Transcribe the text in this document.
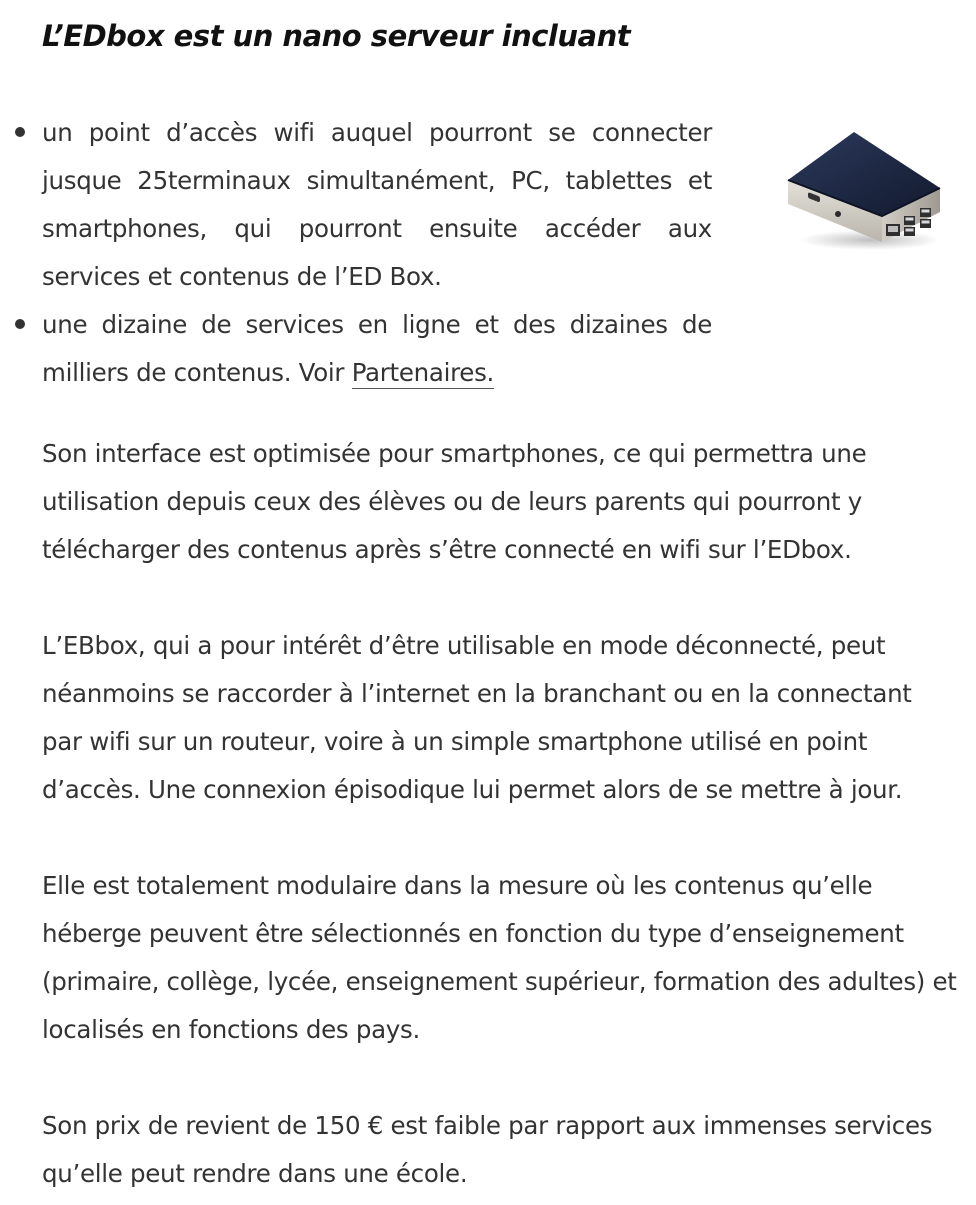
L’EDbox est un nano serveur incluant
un point d’accès wifi auquel pourront se connecter jusque 25terminaux simultanément, PC, tablettes et smartphones, qui pourront ensuite accéder aux services et contenus de l’ED Box.
une dizaine de services en ligne et des dizaines de milliers de contenus. Voir Partenaires.

Son interface est optimisée pour smartphones, ce qui permettra une utilisation depuis ceux des élèves ou de leurs parents qui pourront y télécharger des contenus après s’être connecté en wifi sur l’EDbox.

L’EBbox, qui a pour intérêt d’être utilisable en mode déconnecté, peut néanmoins se raccorder à l’internet en la branchant ou en la connectant par wifi sur un routeur, voire à un simple smartphone utilisé en point d’accès. Une connexion épisodique lui permet alors de se mettre à jour.

Elle est totalement modulaire dans la mesure où les contenus qu’elle héberge peuvent être sélectionnés en fonction du type d’enseignement (primaire, collège, lycée, enseignement supérieur, formation des adultes) et localisés en fonctions des pays.

Son prix de revient de 150 € est faible par rapport aux immenses services qu’elle peut rendre dans une école.
